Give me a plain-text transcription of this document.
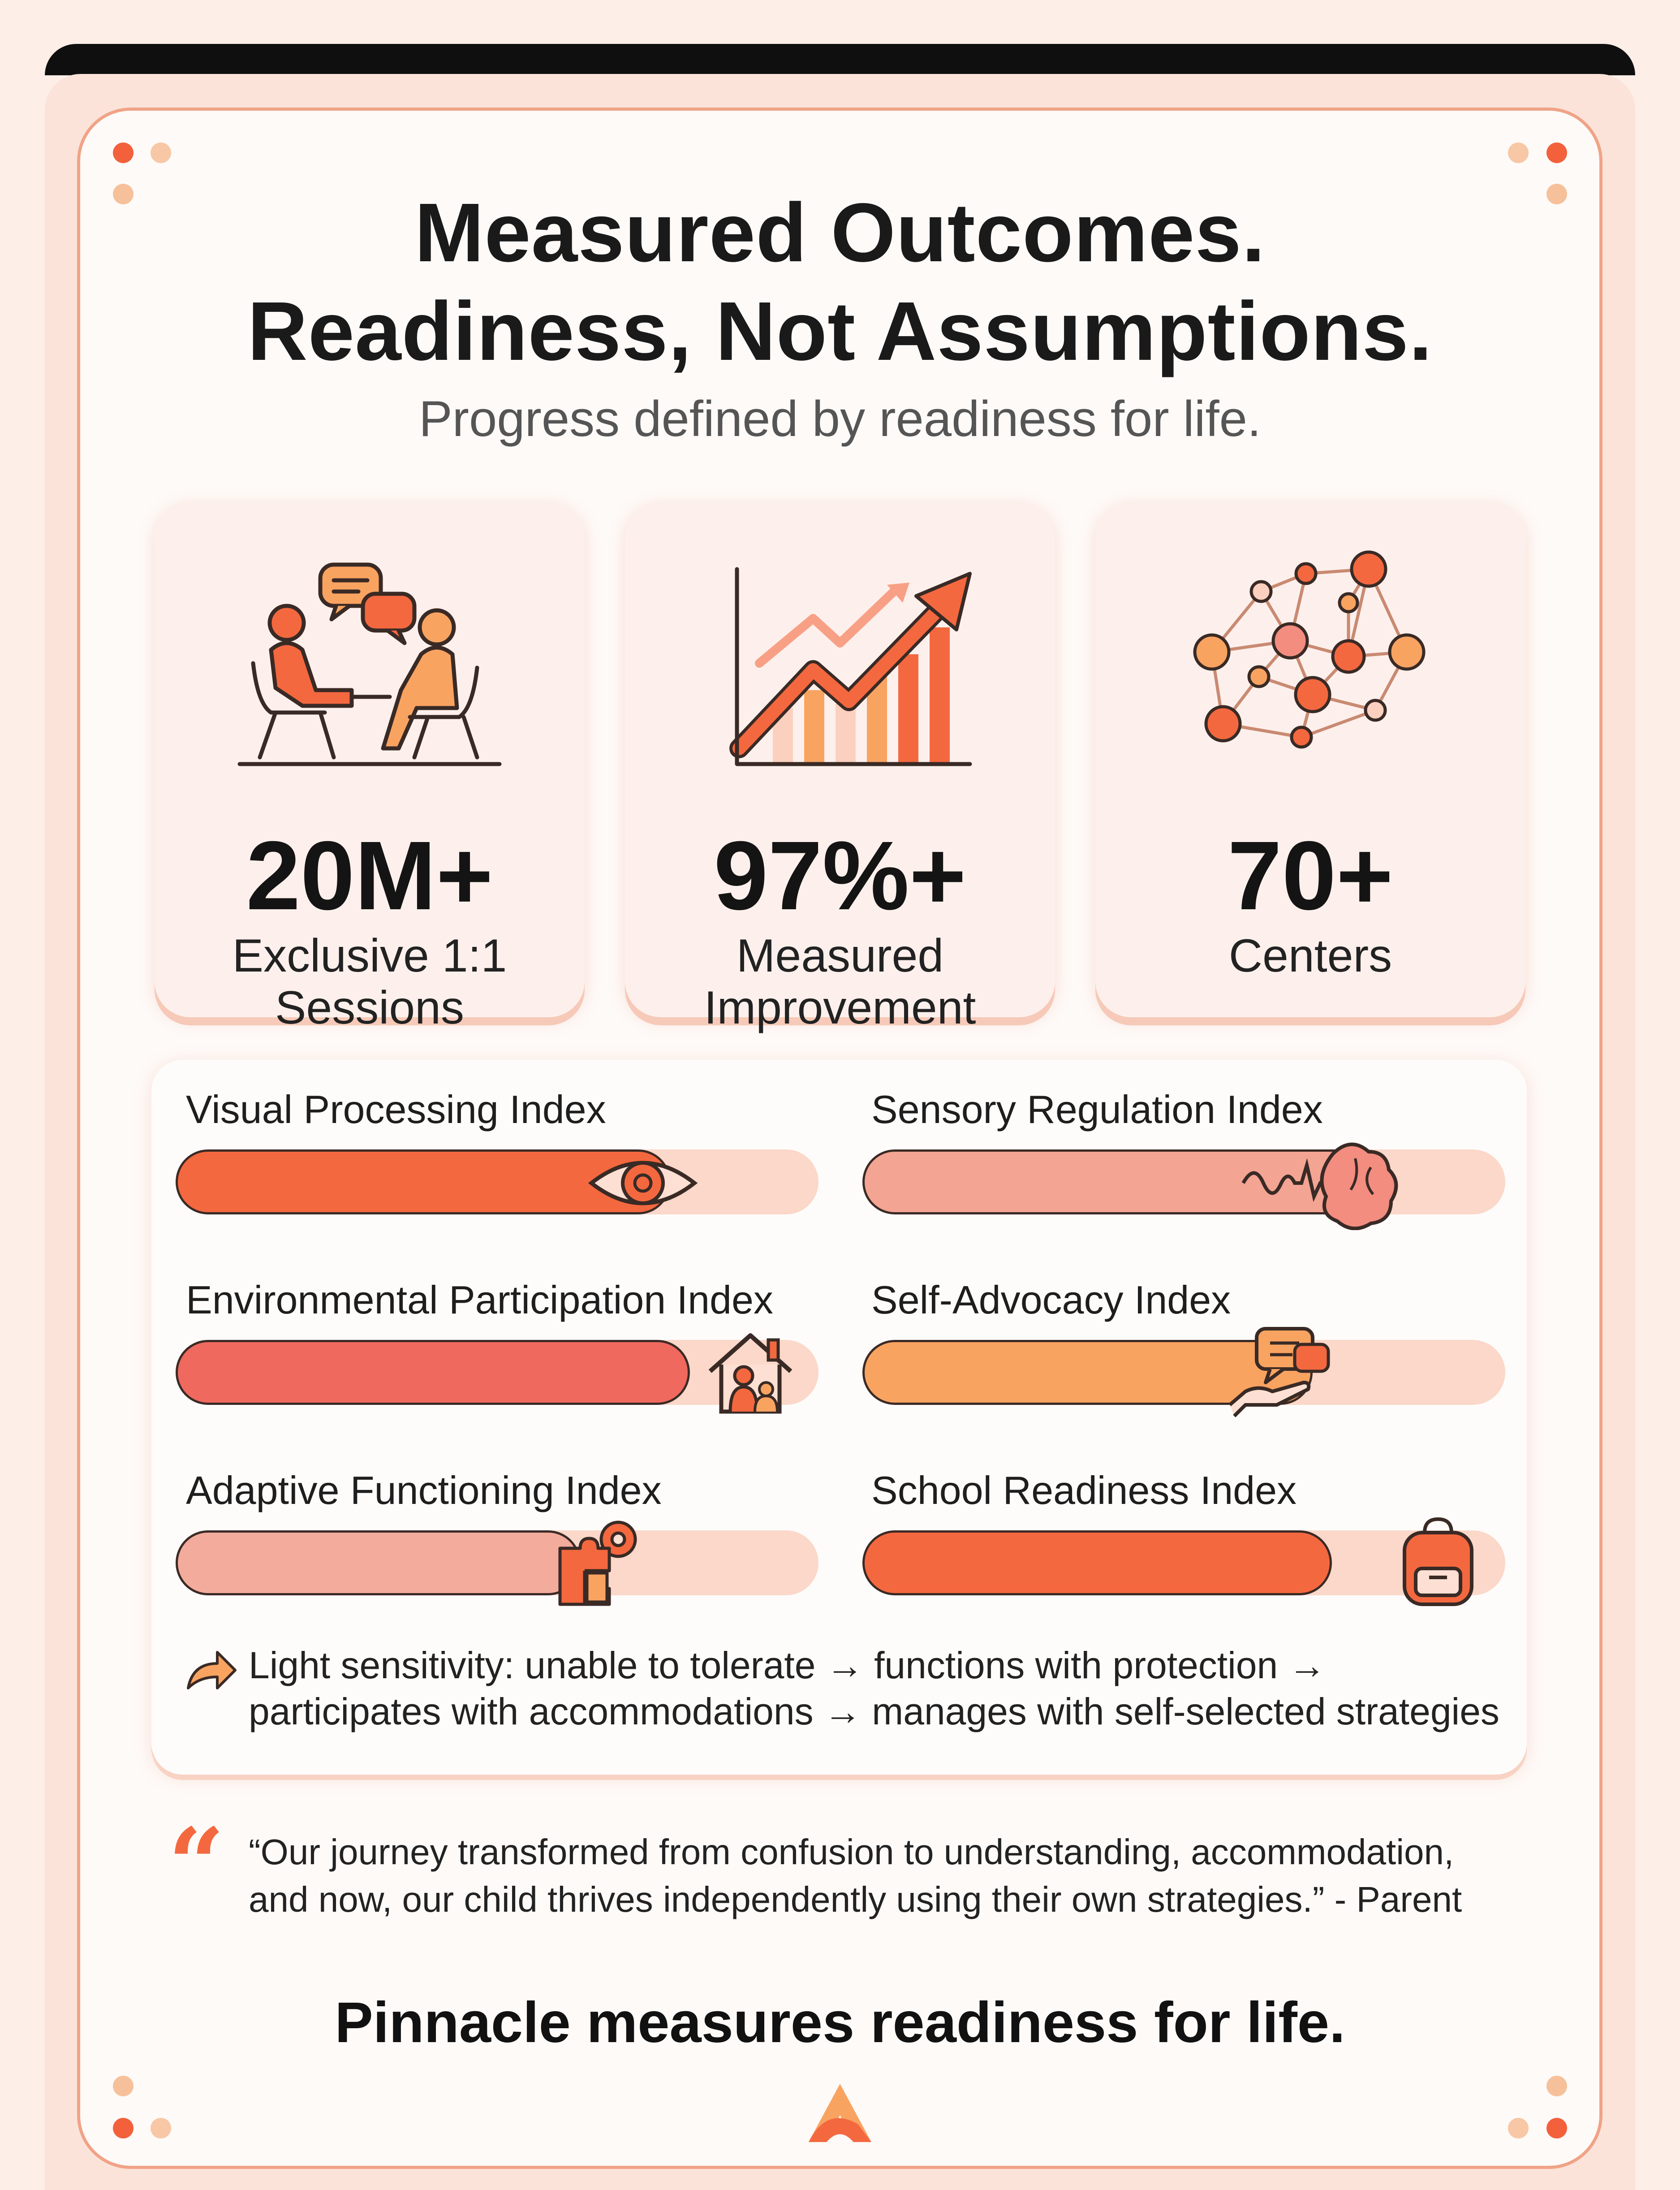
Measured Outcomes.
Readiness, Not Assumptions.
Progress defined by readiness for life.
20M+
Exclusive 1:1
Sessions
97%+
Measured
Improvement
70+
Centers
Visual Processing Index	Sensory Regulation Index
Environmental Participation Index Self-Advocacy Index
Adaptive Functioning Index	School Readiness Index
Light sensitivity: unable to tolerate → functions with protection →
participates with accommodations → manages with self-selected strategies
“ “Our journey transformed from confusion to understanding, accommodation,
and now, our child thrives independently using their own strategies.” - Parent
Pinnacle measures readiness for life.
